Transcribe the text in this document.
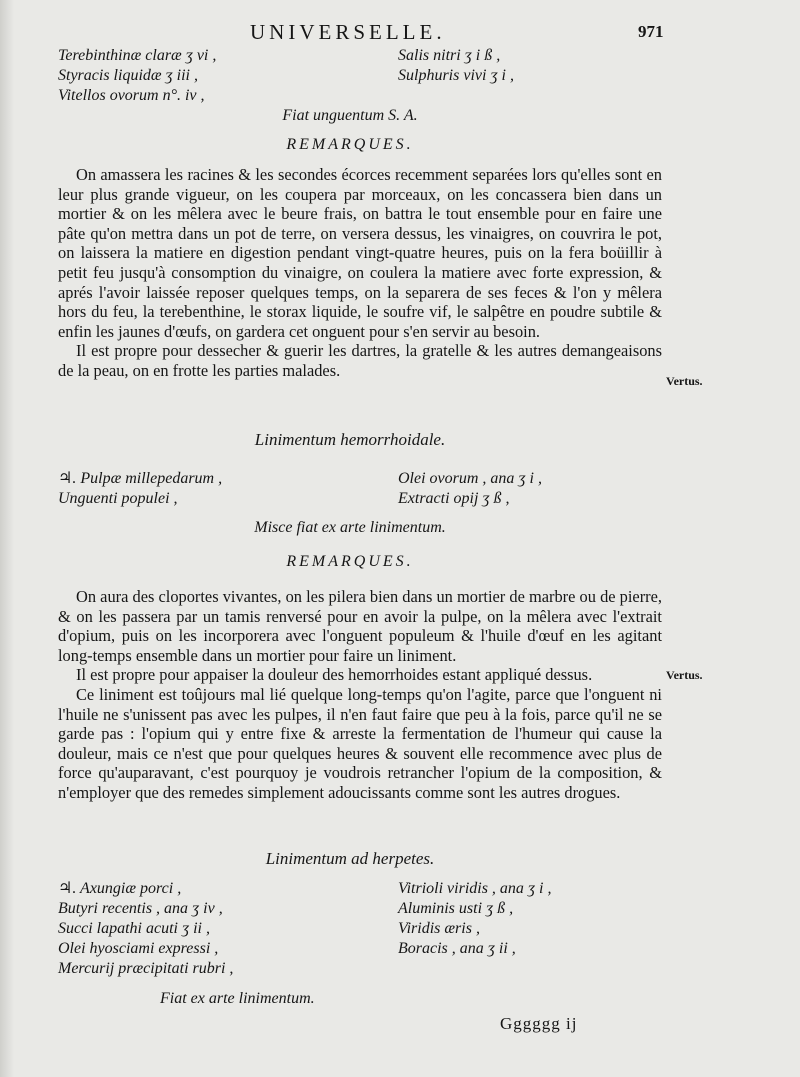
UNIVERSELLE.	971
Terebinthinæ claræ ʒ vi ,
Styracis liquidæ ʒ iii ,
Vitellos ovorum n°. iv ,
Salis nitri ʒ i ß ,
Sulphuris vivi ʒ i ,
Fiat unguentum S. A.
REMARQUES.

On amassera les racines & les secondes écorces recemment separées lors qu'elles sont en leur plus grande vigueur, on les coupera par morceaux, on les concassera bien dans un mortier & on les mêlera avec le beure frais, on battra le tout ensemble pour en faire une pâte qu'on mettra dans un pot de terre, on versera dessus, les vinaigres, on couvrira le pot, on laissera la matiere en digestion pendant vingt-quatre heures, puis on la fera boüillir à petit feu jusqu'à consomption du vinaigre, on coulera la matiere avec forte expression, & aprés l'avoir laissée reposer quelques temps, on la separera de ses feces & l'on y mêlera hors du feu, la terebenthine, le storax liquide, le soufre vif, le salpêtre en poudre subtile & enfin les jaunes d'œufs, on gardera cet onguent pour s'en servir au besoin.

Il est propre pour dessecher & guerir les dartres, la gratelle & les autres demangeaisons de la peau, on en frotte les parties malades.

Vertus.
Linimentum hemorrhoidale.
♃. Pulpæ millepedarum ,
Unguenti populei ,
Olei ovorum , ana ʒ i ,
Extracti opij ʒ ß ,
Misce fiat ex arte linimentum.
REMARQUES.

On aura des cloportes vivantes, on les pilera bien dans un mortier de marbre ou de pierre, & on les passera par un tamis renversé pour en avoir la pulpe, on la mêlera avec l'extrait d'opium, puis on les incorporera avec l'onguent populeum & l'huile d'œuf en les agitant long-temps ensemble dans un mortier pour faire un liniment.

Il est propre pour appaiser la douleur des hemorrhoides estant appliqué dessus.

Ce liniment est toûjours mal lié quelque long-temps qu'on l'agite, parce que l'onguent ni l'huile ne s'unissent pas avec les pulpes, il n'en faut faire que peu à la fois, parce qu'il ne se garde pas : l'opium qui y entre fixe & arreste la fermentation de l'humeur qui cause la douleur, mais ce n'est que pour quelques heures & souvent elle recommence avec plus de force qu'auparavant, c'est pourquoy je voudrois retrancher l'opium de la composition, & n'employer que des remedes simplement adoucissants comme sont les autres drogues.

Vertus.
Linimentum ad herpetes.
♃. Axungiæ porci ,
Butyri recentis , ana ʒ iv ,
Succi lapathi acuti ʒ ii ,
Olei hyosciami expressi ,
Mercurij præcipitati rubri ,
Vitrioli viridis , ana ʒ i ,
Aluminis usti ʒ ß ,
Viridis æris ,
Boracis , ana ʒ ii ,
Fiat ex arte linimentum.
Gggggg ij
